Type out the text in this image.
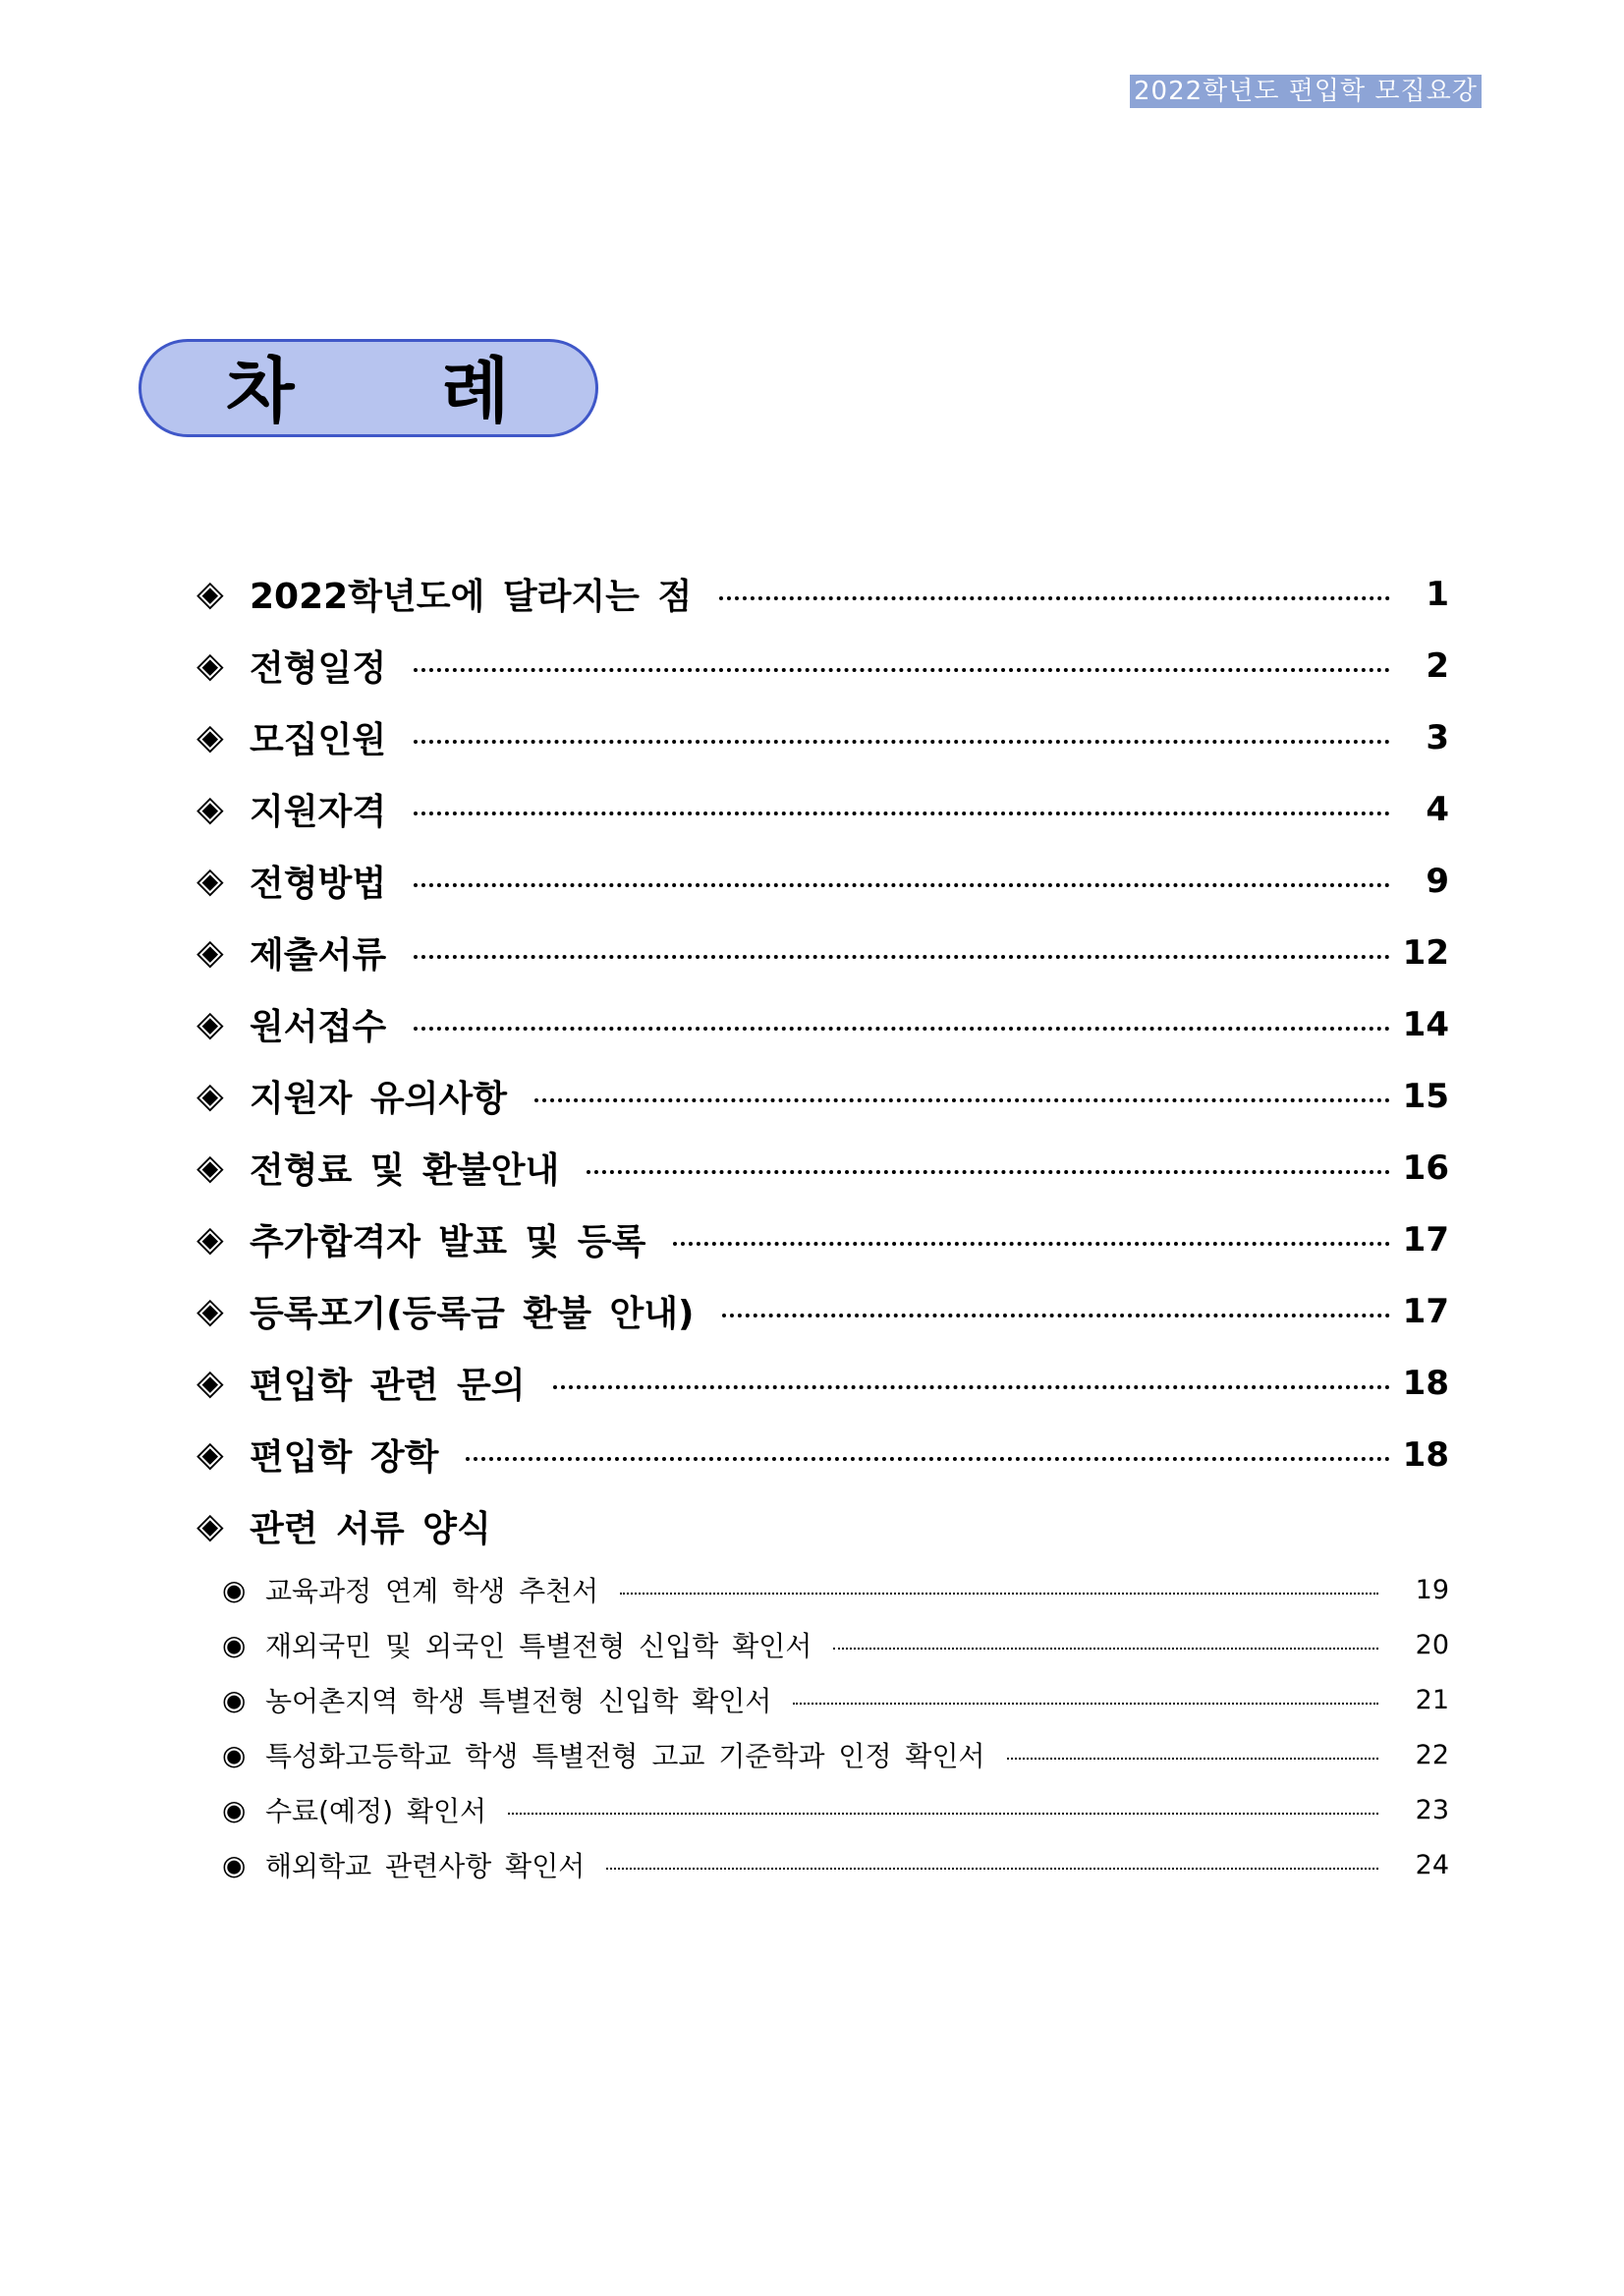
2022학년도 편입학 모집요강
차 례
◈ 2022학년도에 달라지는 점	1
◈ 전형일정	2
◈ 모집인원	3
◈ 지원자격	4
◈ 전형방법	9
◈ 제출서류	12
◈ 원서접수	14
◈ 지원자 유의사항	15
◈ 전형료 및 환불안내	16
◈ 추가합격자 발표 및 등록	17
◈ 등록포기(등록금 환불 안내)	17
◈ 편입학 관련 문의	18
◈ 편입학 장학	18
◈ 관련 서류 양식
◉ 교육과정 연계 학생 추천서	19
◉ 재외국민 및 외국인 특별전형 신입학 확인서	20
◉ 농어촌지역 학생 특별전형 신입학 확인서	21
◉ 특성화고등학교 학생 특별전형 고교 기준학과 인정 확인서	22
◉ 수료(예정) 확인서	23
◉ 해외학교 관련사항 확인서	24
